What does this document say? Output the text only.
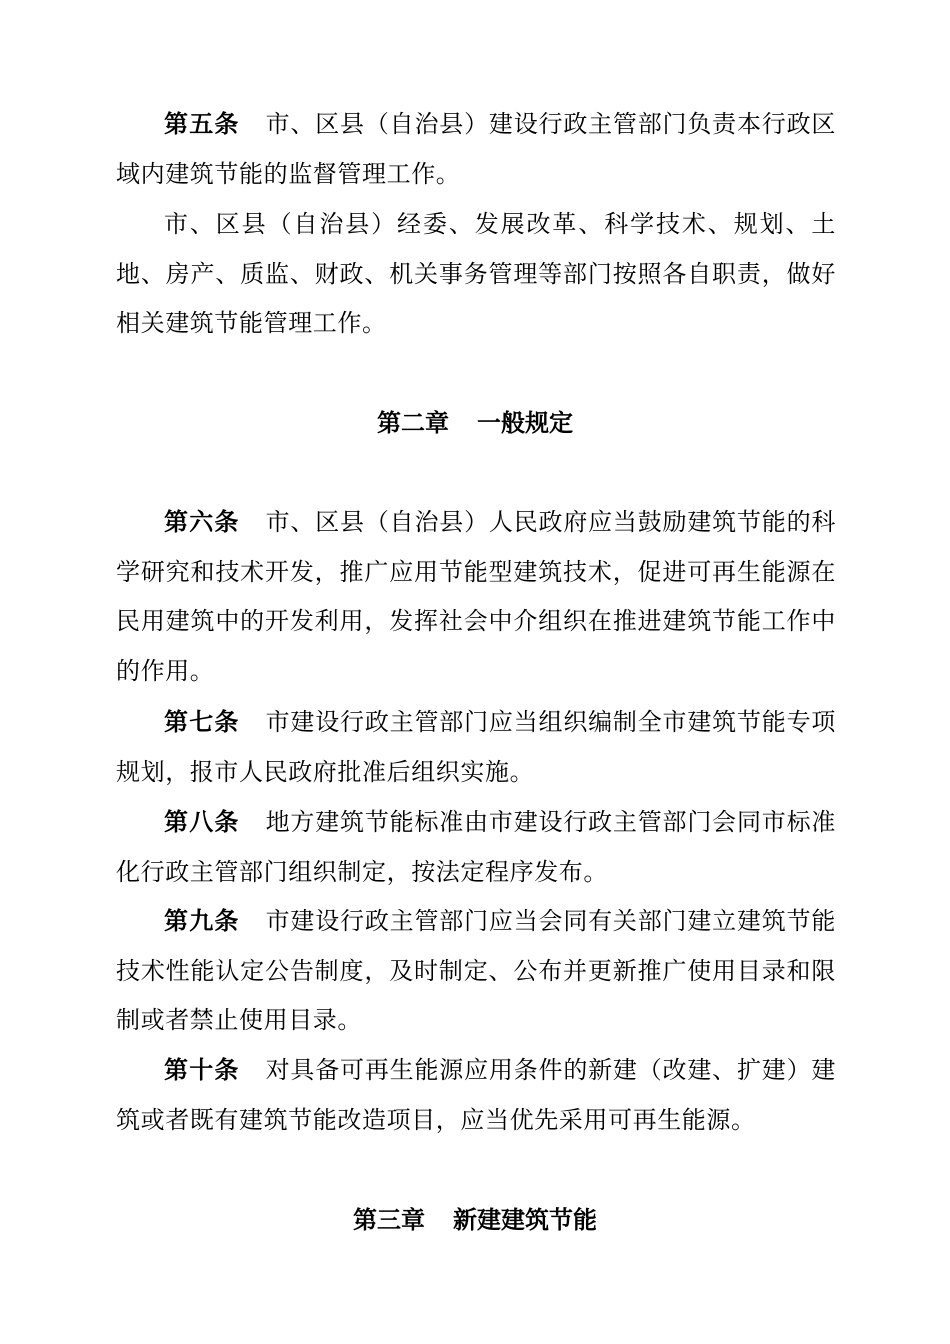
第五条 市、区县（自治县）建设行政主管部门负责本行政区域内建筑节能的监督管理工作。

市、区县（自治县）经委、发展改革、科学技术、规划、土地、房产、质监、财政、机关事务管理等部门按照各自职责，做好相关建筑节能管理工作。

第二章 一般规定

第六条 市、区县（自治县）人民政府应当鼓励建筑节能的科学研究和技术开发，推广应用节能型建筑技术，促进可再生能源在民用建筑中的开发利用，发挥社会中介组织在推进建筑节能工作中的作用。

第七条 市建设行政主管部门应当组织编制全市建筑节能专项规划，报市人民政府批准后组织实施。

第八条 地方建筑节能标准由市建设行政主管部门会同市标准化行政主管部门组织制定，按法定程序发布。

第九条 市建设行政主管部门应当会同有关部门建立建筑节能技术性能认定公告制度，及时制定、公布并更新推广使用目录和限制或者禁止使用目录。

第十条 对具备可再生能源应用条件的新建（改建、扩建）建筑或者既有建筑节能改造项目，应当优先采用可再生能源。

第三章 新建建筑节能
